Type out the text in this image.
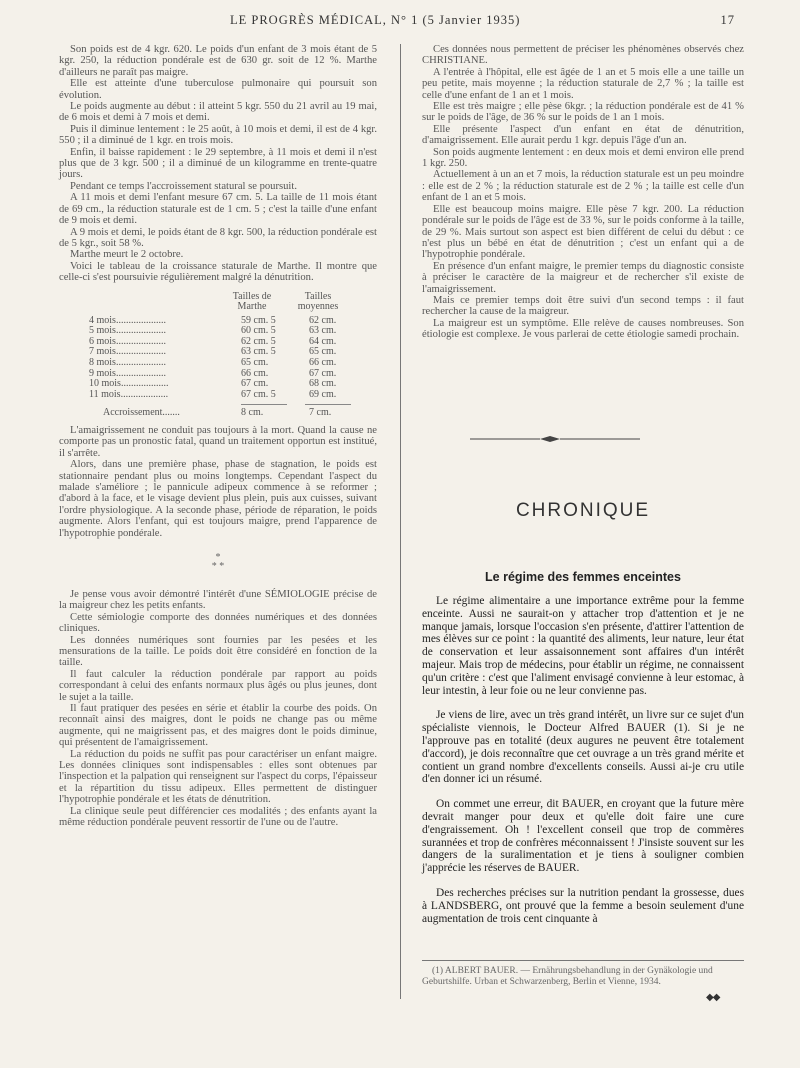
LE PROGRÈS MÉDICAL, N° 1 (5 Janvier 1935)	17

Son poids est de 4 kgr. 620. Le poids d'un enfant de 3 mois étant de 5 kgr. 250, la réduction pondérale est de 630 gr. soit de 12 %. Marthe d'ailleurs ne paraît pas maigre.

Elle est atteinte d'une tuberculose pulmonaire qui poursuit son évolution.

Le poids augmente au début : il atteint 5 kgr. 550 du 21 avril au 19 mai, de 6 mois et demi à 7 mois et demi.

Puis il diminue lentement : le 25 août, à 10 mois et demi, il est de 4 kgr. 550 ; il a diminué de 1 kgr. en trois mois.

Enfin, il baisse rapidement : le 29 septembre, à 11 mois et demi il n'est plus que de 3 kgr. 500 ; il a diminué de un kilogramme en trente-quatre jours.

Pendant ce temps l'accroissement statural se poursuit.

A 11 mois et demi l'enfant mesure 67 cm. 5. La taille de 11 mois étant de 69 cm., la réduction staturale est de 1 cm. 5 ; c'est la taille d'une enfant de 9 mois et demi.

A 9 mois et demi, le poids étant de 8 kgr. 500, la réduction pondérale est de 5 kgr., soit 58 %.

Marthe meurt le 2 octobre.

Voici le tableau de la croissance staturale de Marthe. Il montre que celle-ci s'est poursuivie régulièrement malgré la dénutrition.

Tailles de Marthe
Tailles moyennes
4 mois....................	59 cm. 5	62 cm.
5 mois....................	60 cm. 5	63 cm.
6 mois....................	62 cm. 5	64 cm.
7 mois....................	63 cm. 5	65 cm.
8 mois....................	65 cm.	66 cm.
9 mois....................	66 cm.	67 cm.
10 mois...................	67 cm.	68 cm.
11 mois...................	67 cm. 5	69 cm.
Accroissement.......	8 cm.	7 cm.

L'amaigrissement ne conduit pas toujours à la mort. Quand la cause ne comporte pas un pronostic fatal, quand un traitement opportun est institué, il s'arrête.

Alors, dans une première phase, phase de stagnation, le poids est stationnaire pendant plus ou moins longtemps. Cependant l'aspect du malade s'améliore ; le pannicule adipeux commence à se reformer ; d'abord à la face, et le visage devient plus plein, puis aux cuisses, suivant l'ordre physiologique. A la seconde phase, période de réparation, le poids augmente. Alors l'enfant, qui est toujours maigre, prend l'apparence de l'hypotrophie pondérale.

*
* *

Je pense vous avoir démontré l'intérêt d'une SÉMIOLOGIE précise de la maigreur chez les petits enfants.

Cette sémiologie comporte des données numériques et des données cliniques.

Les données numériques sont fournies par les pesées et les mensurations de la taille. Le poids doit être considéré en fonction de la taille.

Il faut calculer la réduction pondérale par rapport au poids correspondant à celui des enfants normaux plus âgés ou plus jeunes, dont le sujet a la taille.

Il faut pratiquer des pesées en série et établir la courbe des poids. On reconnaît ainsi des maigres, dont le poids ne change pas ou même augmente, qui ne maigrissent pas, et des maigres dont le poids diminue, qui présentent de l'amaigrissement.

La réduction du poids ne suffit pas pour caractériser un enfant maigre. Les données cliniques sont indispensables : elles sont obtenues par l'inspection et la palpation qui renseignent sur l'aspect du corps, l'épaisseur et la répartition du tissu adipeux. Elles permettent de distinguer l'hypotrophie pondérale et les états de dénutrition.

La clinique seule peut différencier ces modalités ; des enfants ayant la même réduction pondérale peuvent ressortir de l'une ou de l'autre.

Ces données nous permettent de préciser les phénomènes observés chez CHRISTIANE.

A l'entrée à l'hôpital, elle est âgée de 1 an et 5 mois elle a une taille un peu petite, mais moyenne ; la réduction staturale de 2,7 % ; la taille est celle d'une enfant de 1 an et 1 mois.

Elle est très maigre ; elle pèse 6kgr. ; la réduction pondérale est de 41 % sur le poids de l'âge, de 36 % sur le poids de 1 an 1 mois.

Elle présente l'aspect d'un enfant en état de dénutrition, d'amaigrissement. Elle aurait perdu 1 kgr. depuis l'âge d'un an.

Son poids augmente lentement : en deux mois et demi environ elle prend 1 kgr. 250.

Actuellement à un an et 7 mois, la réduction staturale est un peu moindre : elle est de 2 % ; la réduction staturale est de 2 % ; la taille est celle d'un enfant de 1 an et 5 mois.

Elle est beaucoup moins maigre. Elle pèse 7 kgr. 200. La réduction pondérale sur le poids de l'âge est de 33 %, sur le poids conforme à la taille, de 29 %. Mais surtout son aspect est bien différent de celui du début : ce n'est plus un bébé en état de dénutrition ; c'est un enfant qui a de l'hypotrophie pondérale.

En présence d'un enfant maigre, le premier temps du diagnostic consiste à préciser le caractère de la maigreur et de rechercher s'il existe de l'amaigrissement.

Mais ce premier temps doit être suivi d'un second temps : il faut rechercher la cause de la maigreur.

La maigreur est un symptôme. Elle relève de causes nombreuses. Son étiologie est complexe. Je vous parlerai de cette étiologie samedi prochain.

CHRONIQUE
Le régime des femmes enceintes

Le régime alimentaire a une importance extrême pour la femme enceinte. Aussi ne saurait-on y attacher trop d'attention et je ne manque jamais, lorsque l'occasion s'en présente, d'attirer l'attention de mes élèves sur ce point : la quantité des aliments, leur nature, leur état de conservation et leur assaisonnement sont affaires d'un intérêt majeur. Mais trop de médecins, pour établir un régime, ne connaissent qu'un critère : c'est que l'aliment envisagé convienne à leur estomac, à leur intestin, à leur foie ou ne leur convienne pas.

Je viens de lire, avec un très grand intérêt, un livre sur ce sujet d'un spécialiste viennois, le Docteur Alfred BAUER (1). Si je ne l'approuve pas en totalité (deux augures ne peuvent être totalement d'accord), je dois reconnaître que cet ouvrage a un très grand mérite et contient un grand nombre d'excellents conseils. Aussi ai-je cru utile d'en donner ici un résumé.

On commet une erreur, dit BAUER, en croyant que la future mère devrait manger pour deux et qu'elle doit faire une cure d'engraissement. Oh ! l'excellent conseil que trop de commères surannées et trop de confrères méconnaissent ! J'insiste souvent sur les dangers de la suralimentation et je tiens à souligner combien j'apprécie les réserves de BAUER.

Des recherches précises sur la nutrition pendant la grossesse, dues à LANDSBERG, ont prouvé que la femme a besoin seulement d'une augmentation de trois cent cinquante à

(1) ALBERT BAUER. — Ernährungsbehandlung in der Gynäkologie und Geburtshilfe. Urban et Schwarzenberg, Berlin et Vienne, 1934.

◆◆
